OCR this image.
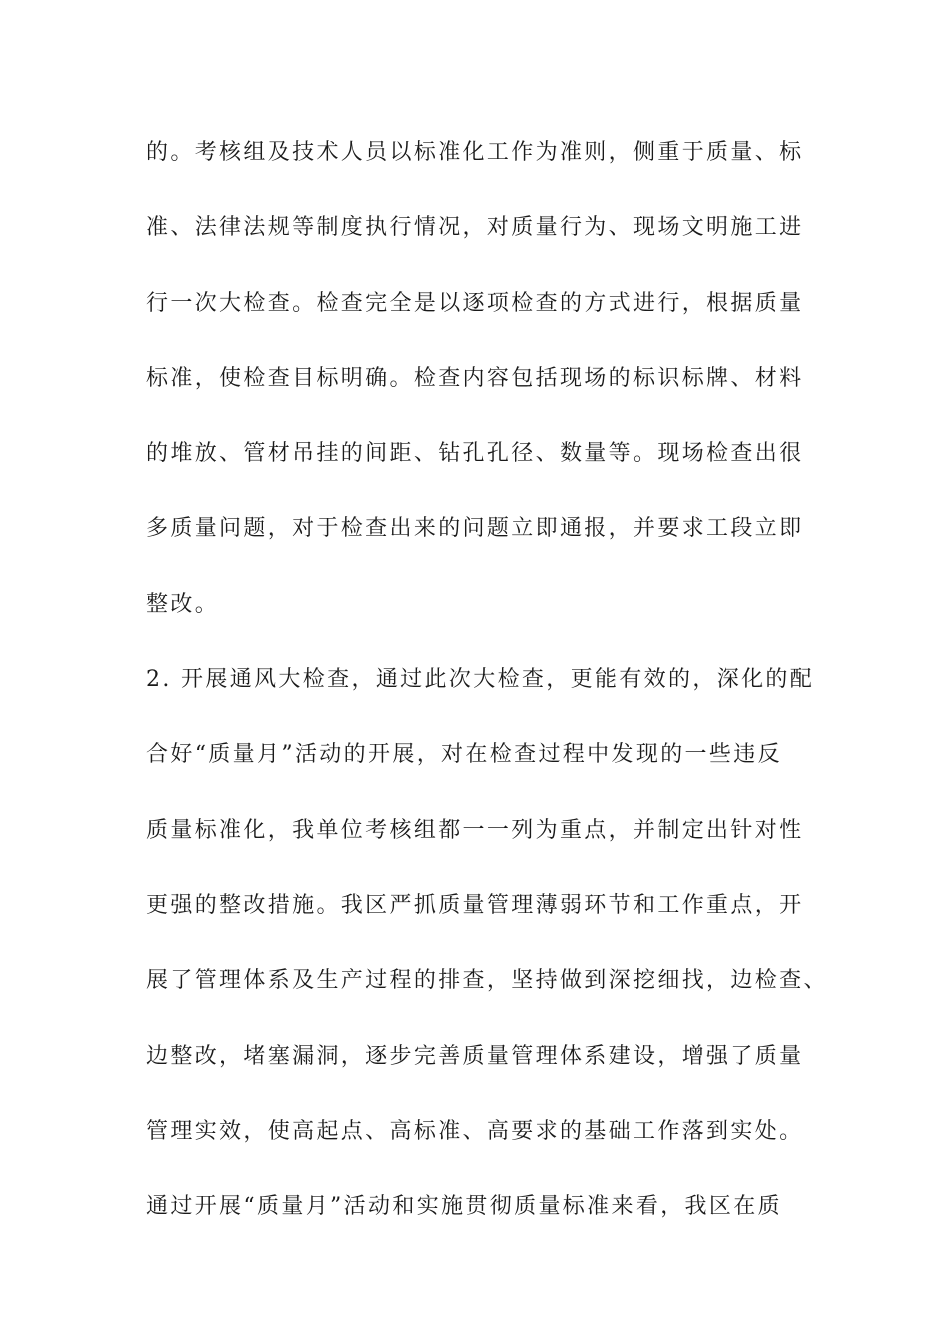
的。考核组及技术人员以标准化工作为准则，侧重于质量、标
准、法律法规等制度执行情况，对质量行为、现场文明施工进
行一次大检查。检查完全是以逐项检查的方式进行，根据质量
标准，使检查目标明确。检查内容包括现场的标识标牌、材料
的堆放、管材吊挂的间距、钻孔孔径、数量等。现场检查出很
多质量问题，对于检查出来的问题立即通报，并要求工段立即
整改。
2. 开展通风大检查，通过此次大检查，更能有效的，深化的配
合好“质量月”活动的开展，对在检查过程中发现的一些违反
质量标准化，我单位考核组都一一列为重点，并制定出针对性
更强的整改措施。我区严抓质量管理薄弱环节和工作重点，开
展了管理体系及生产过程的排查，坚持做到深挖细找，边检查、
边整改，堵塞漏洞，逐步完善质量管理体系建设，增强了质量
管理实效，使高起点、高标准、高要求的基础工作落到实处。
通过开展“质量月”活动和实施贯彻质量标准来看，我区在质
